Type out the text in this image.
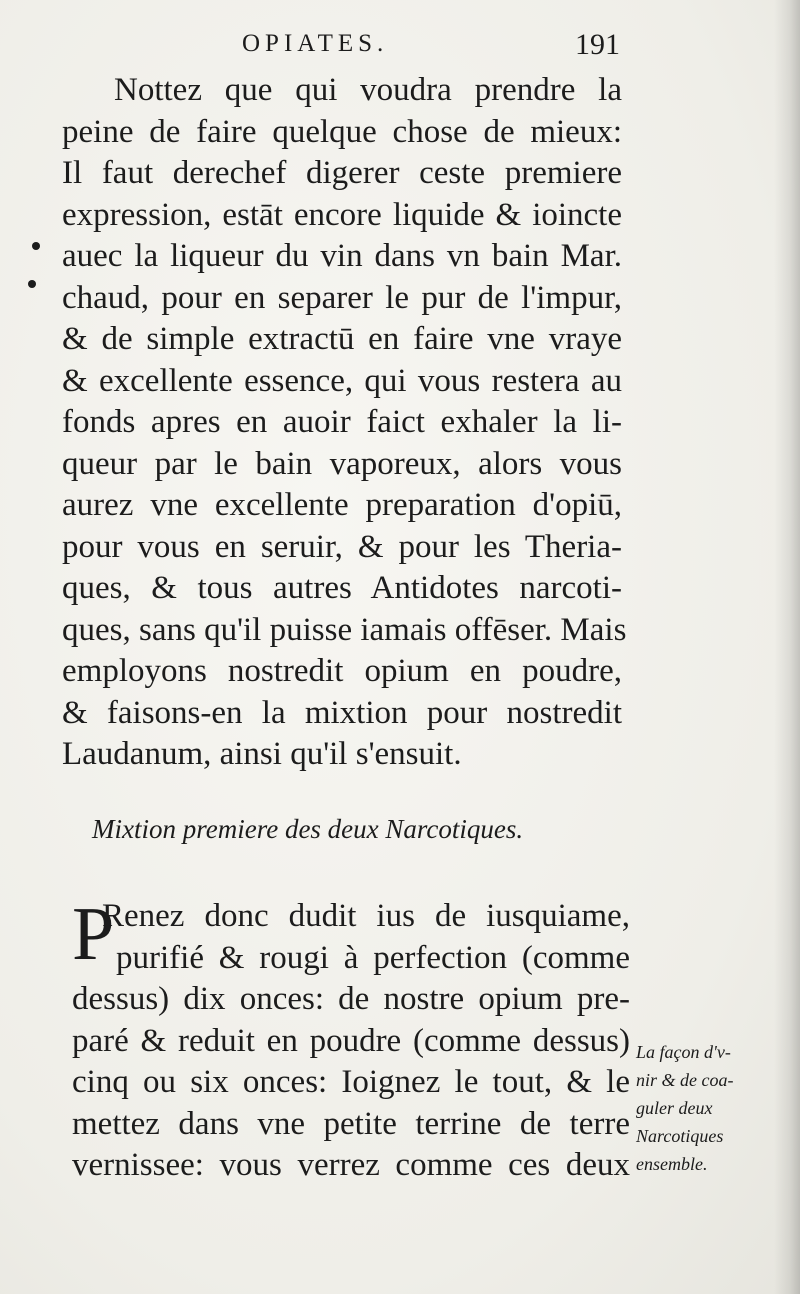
OPIATES.	191
Nottez que qui voudra prendre la
peine de faire quelque chose de mieux:
Il faut derechef digerer ceste premiere
expression, estāt encore liquide & ioincte
auec la liqueur du vin dans vn bain Mar.
chaud, pour en separer le pur de l'impur,
& de simple extractū en faire vne vraye
& excellente essence, qui vous restera au
fonds apres en auoir faict exhaler la li-
queur par le bain vaporeux, alors vous
aurez vne excellente preparation d'opiū,
pour vous en seruir, & pour les Theria-
ques, & tous autres Antidotes narcoti-
ques, sans qu'il puisse iamais offēser. Mais
employons nostredit opium en poudre,
& faisons-en la mixtion pour nostredit
Laudanum, ainsi qu'il s'ensuit.
Mixtion premiere des deux Narcotiques.
P
Renez donc dudit ius de iusquiame,
purifié & rougi à perfection (comme
dessus) dix onces: de nostre opium pre-
paré & reduit en poudre (comme dessus)
cinq ou six onces: Ioignez le tout, & le
mettez dans vne petite terrine de terre
vernissee: vous verrez comme ces deux
La façon d'v-
nir & de coa-
guler deux
Narcotiques
ensemble.
